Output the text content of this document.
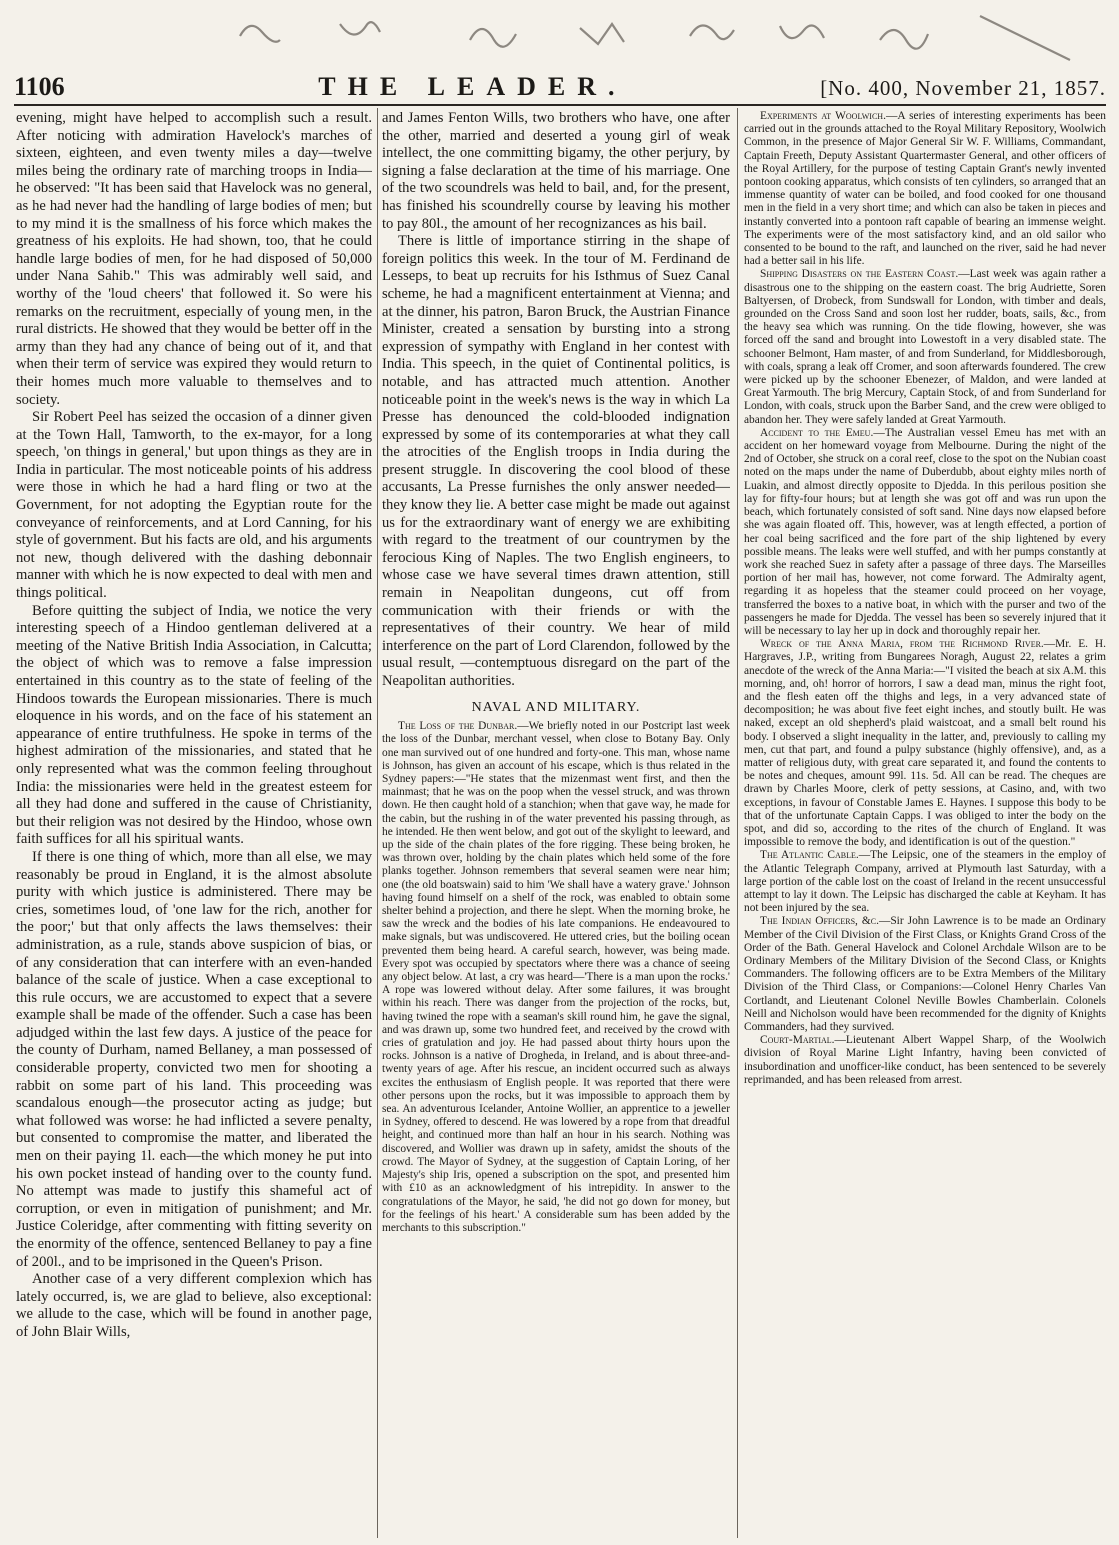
1106	THE LEADER.	[No. 400, November 21, 1857.

evening, might have helped to accomplish such a result. After noticing with admiration Havelock's marches of sixteen, eighteen, and even twenty miles a day—twelve miles being the ordinary rate of marching troops in India—he observed: "It has been said that Havelock was no general, as he had never had the handling of large bodies of men; but to my mind it is the smallness of his force which makes the greatness of his exploits. He had shown, too, that he could handle large bodies of men, for he had disposed of 50,000 under Nana Sahib." This was admirably well said, and worthy of the 'loud cheers' that followed it. So were his remarks on the recruitment, especially of young men, in the rural districts. He showed that they would be better off in the army than they had any chance of being out of it, and that when their term of service was expired they would return to their homes much more valuable to themselves and to society.

Sir Robert Peel has seized the occasion of a dinner given at the Town Hall, Tamworth, to the ex-mayor, for a long speech, 'on things in general,' but upon things as they are in India in particular. The most noticeable points of his address were those in which he had a hard fling or two at the Government, for not adopting the Egyptian route for the conveyance of reinforcements, and at Lord Canning, for his style of government. But his facts are old, and his arguments not new, though delivered with the dashing debonnair manner with which he is now expected to deal with men and things political.

Before quitting the subject of India, we notice the very interesting speech of a Hindoo gentleman delivered at a meeting of the Native British India Association, in Calcutta; the object of which was to remove a false impression entertained in this country as to the state of feeling of the Hindoos towards the European missionaries. There is much eloquence in his words, and on the face of his statement an appearance of entire truthfulness. He spoke in terms of the highest admiration of the missionaries, and stated that he only represented what was the common feeling throughout India: the missionaries were held in the greatest esteem for all they had done and suffered in the cause of Christianity, but their religion was not desired by the Hindoo, whose own faith suffices for all his spiritual wants.

If there is one thing of which, more than all else, we may reasonably be proud in England, it is the almost absolute purity with which justice is administered. There may be cries, sometimes loud, of 'one law for the rich, another for the poor;' but that only affects the laws themselves: their administration, as a rule, stands above suspicion of bias, or of any consideration that can interfere with an even-handed balance of the scale of justice. When a case exceptional to this rule occurs, we are accustomed to expect that a severe example shall be made of the offender. Such a case has been adjudged within the last few days. A justice of the peace for the county of Durham, named Bellaney, a man possessed of considerable property, convicted two men for shooting a rabbit on some part of his land. This proceeding was scandalous enough—the prosecutor acting as judge; but what followed was worse: he had inflicted a severe penalty, but consented to compromise the matter, and liberated the men on their paying 1l. each—the which money he put into his own pocket instead of handing over to the county fund. No attempt was made to justify this shameful act of corruption, or even in mitigation of punishment; and Mr. Justice Coleridge, after commenting with fitting severity on the enormity of the offence, sentenced Bellaney to pay a fine of 200l., and to be imprisoned in the Queen's Prison.

Another case of a very different complexion which has lately occurred, is, we are glad to believe, also exceptional: we allude to the case, which will be found in another page, of John Blair Wills,

and James Fenton Wills, two brothers who have, one after the other, married and deserted a young girl of weak intellect, the one committing bigamy, the other perjury, by signing a false declaration at the time of his marriage. One of the two scoundrels was held to bail, and, for the present, has finished his scoundrelly course by leaving his mother to pay 80l., the amount of her recognizances as his bail.

There is little of importance stirring in the shape of foreign politics this week. In the tour of M. Ferdinand de Lesseps, to beat up recruits for his Isthmus of Suez Canal scheme, he had a magnificent entertainment at Vienna; and at the dinner, his patron, Baron Bruck, the Austrian Finance Minister, created a sensation by bursting into a strong expression of sympathy with England in her contest with India. This speech, in the quiet of Continental politics, is notable, and has attracted much attention. Another noticeable point in the week's news is the way in which La Presse has denounced the cold-blooded indignation expressed by some of its contemporaries at what they call the atrocities of the English troops in India during the present struggle. In discovering the cool blood of these accusants, La Presse furnishes the only answer needed—they know they lie. A better case might be made out against us for the extraordinary want of energy we are exhibiting with regard to the treatment of our countrymen by the ferocious King of Naples. The two English engineers, to whose case we have several times drawn attention, still remain in Neapolitan dungeons, cut off from communication with their friends or with the representatives of their country. We hear of mild interference on the part of Lord Clarendon, followed by the usual result, —contemptuous disregard on the part of the Neapolitan authorities.

NAVAL AND MILITARY.

The Loss of the Dunbar.—We briefly noted in our Postcript last week the loss of the Dunbar, merchant vessel, when close to Botany Bay. Only one man survived out of one hundred and forty-one. This man, whose name is Johnson, has given an account of his escape, which is thus related in the Sydney papers:—"He states that the mizenmast went first, and then the mainmast; that he was on the poop when the vessel struck, and was thrown down. He then caught hold of a stanchion; when that gave way, he made for the cabin, but the rushing in of the water prevented his passing through, as he intended. He then went below, and got out of the skylight to leeward, and up the side of the chain plates of the fore rigging. These being broken, he was thrown over, holding by the chain plates which held some of the fore planks together. Johnson remembers that several seamen were near him; one (the old boatswain) said to him 'We shall have a watery grave.' Johnson having found himself on a shelf of the rock, was enabled to obtain some shelter behind a projection, and there he slept. When the morning broke, he saw the wreck and the bodies of his late companions. He endeavoured to make signals, but was undiscovered. He uttered cries, but the boiling ocean prevented them being heard. A careful search, however, was being made. Every spot was occupied by spectators where there was a chance of seeing any object below. At last, a cry was heard—'There is a man upon the rocks.' A rope was lowered without delay. After some failures, it was brought within his reach. There was danger from the projection of the rocks, but, having twined the rope with a seaman's skill round him, he gave the signal, and was drawn up, some two hundred feet, and received by the crowd with cries of gratulation and joy. He had passed about thirty hours upon the rocks. Johnson is a native of Drogheda, in Ireland, and is about three-and-twenty years of age. After his rescue, an incident occurred such as always excites the enthusiasm of English people. It was reported that there were other persons upon the rocks, but it was impossible to approach them by sea. An adventurous Icelander, Antoine Wollier, an apprentice to a jeweller in Sydney, offered to descend. He was lowered by a rope from that dreadful height, and continued more than half an hour in his search. Nothing was discovered, and Wollier was drawn up in safety, amidst the shouts of the crowd. The Mayor of Sydney, at the suggestion of Captain Loring, of her Majesty's ship Iris, opened a subscription on the spot, and presented him with £10 as an acknowledgment of his intrepidity. In answer to the congratulations of the Mayor, he said, 'he did not go down for money, but for the feelings of his heart.' A considerable sum has been added by the merchants to this subscription."

Experiments at Woolwich.—A series of interesting experiments has been carried out in the grounds attached to the Royal Military Repository, Woolwich Common, in the presence of Major General Sir W. F. Williams, Commandant, Captain Freeth, Deputy Assistant Quartermaster General, and other officers of the Royal Artillery, for the purpose of testing Captain Grant's newly invented pontoon cooking apparatus, which consists of ten cylinders, so arranged that an immense quantity of water can be boiled, and food cooked for one thousand men in the field in a very short time; and which can also be taken in pieces and instantly converted into a pontoon raft capable of bearing an immense weight. The experiments were of the most satisfactory kind, and an old sailor who consented to be bound to the raft, and launched on the river, said he had never had a better sail in his life.

Shipping Disasters on the Eastern Coast.—Last week was again rather a disastrous one to the shipping on the eastern coast. The brig Audriette, Soren Baltyersen, of Drobeck, from Sundswall for London, with timber and deals, grounded on the Cross Sand and soon lost her rudder, boats, sails, &c., from the heavy sea which was running. On the tide flowing, however, she was forced off the sand and brought into Lowestoft in a very disabled state. The schooner Belmont, Ham master, of and from Sunderland, for Middlesborough, with coals, sprang a leak off Cromer, and soon afterwards foundered. The crew were picked up by the schooner Ebenezer, of Maldon, and were landed at Great Yarmouth. The brig Mercury, Captain Stock, of and from Sunderland for London, with coals, struck upon the Barber Sand, and the crew were obliged to abandon her. They were safely landed at Great Yarmouth.

Accident to the Emeu.—The Australian vessel Emeu has met with an accident on her homeward voyage from Melbourne. During the night of the 2nd of October, she struck on a coral reef, close to the spot on the Nubian coast noted on the maps under the name of Duberdubb, about eighty miles north of Luakin, and almost directly opposite to Djedda. In this perilous position she lay for fifty-four hours; but at length she was got off and was run upon the beach, which fortunately consisted of soft sand. Nine days now elapsed before she was again floated off. This, however, was at length effected, a portion of her coal being sacrificed and the fore part of the ship lightened by every possible means. The leaks were well stuffed, and with her pumps constantly at work she reached Suez in safety after a passage of three days. The Marseilles portion of her mail has, however, not come forward. The Admiralty agent, regarding it as hopeless that the steamer could proceed on her voyage, transferred the boxes to a native boat, in which with the purser and two of the passengers he made for Djedda. The vessel has been so severely injured that it will be necessary to lay her up in dock and thoroughly repair her.

Wreck of the Anna Maria, from the Richmond River.—Mr. E. H. Hargraves, J.P., writing from Bungarees Noragh, August 22, relates a grim anecdote of the wreck of the Anna Maria:—"I visited the beach at six A.M. this morning, and, oh! horror of horrors, I saw a dead man, minus the right foot, and the flesh eaten off the thighs and legs, in a very advanced state of decomposition; he was about five feet eight inches, and stoutly built. He was naked, except an old shepherd's plaid waistcoat, and a small belt round his body. I observed a slight inequality in the latter, and, previously to calling my men, cut that part, and found a pulpy substance (highly offensive), and, as a matter of religious duty, with great care separated it, and found the contents to be notes and cheques, amount 99l. 11s. 5d. All can be read. The cheques are drawn by Charles Moore, clerk of petty sessions, at Casino, and, with two exceptions, in favour of Constable James E. Haynes. I suppose this body to be that of the unfortunate Captain Capps. I was obliged to inter the body on the spot, and did so, according to the rites of the church of England. It was impossible to remove the body, and identification is out of the question."

The Atlantic Cable.—The Leipsic, one of the steamers in the employ of the Atlantic Telegraph Company, arrived at Plymouth last Saturday, with a large portion of the cable lost on the coast of Ireland in the recent unsuccessful attempt to lay it down. The Leipsic has discharged the cable at Keyham. It has not been injured by the sea.

The Indian Officers, &c.—Sir John Lawrence is to be made an Ordinary Member of the Civil Division of the First Class, or Knights Grand Cross of the Order of the Bath. General Havelock and Colonel Archdale Wilson are to be Ordinary Members of the Military Division of the Second Class, or Knights Commanders. The following officers are to be Extra Members of the Military Division of the Third Class, or Companions:—Colonel Henry Charles Van Cortlandt, and Lieutenant Colonel Neville Bowles Chamberlain. Colonels Neill and Nicholson would have been recommended for the dignity of Knights Commanders, had they survived.

Court-Martial.—Lieutenant Albert Wappel Sharp, of the Woolwich division of Royal Marine Light Infantry, having been convicted of insubordination and unofficer-like conduct, has been sentenced to be severely reprimanded, and has been released from arrest.
